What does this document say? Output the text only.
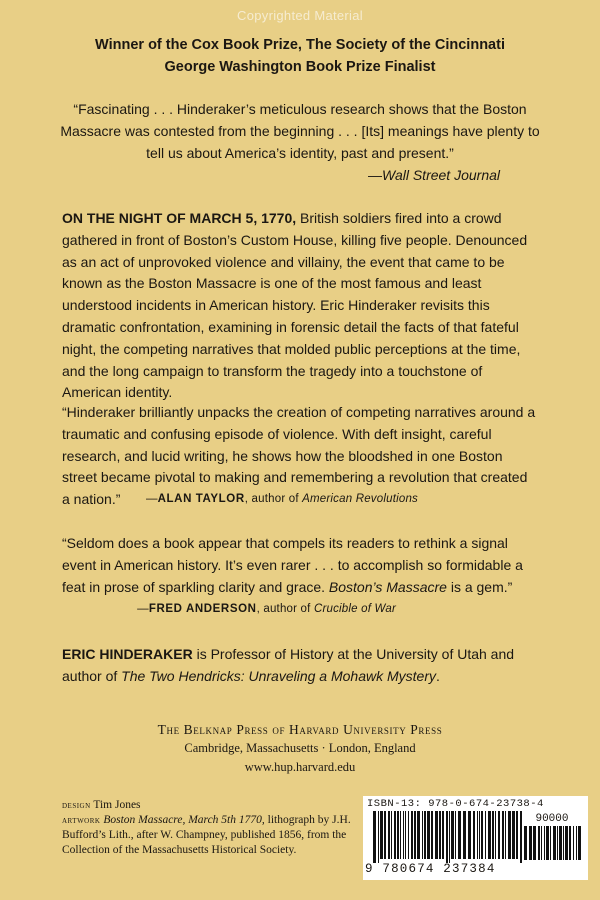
Copyrighted Material
Winner of the Cox Book Prize, The Society of the Cincinnati
George Washington Book Prize Finalist
“Fascinating . . . Hinderaker’s meticulous research shows that the Boston Massacre was contested from the beginning . . . [Its] meanings have plenty to tell us about America’s identity, past and present.”
—Wall Street Journal
ON THE NIGHT OF MARCH 5, 1770, British soldiers fired into a crowd gathered in front of Boston’s Custom House, killing five people. Denounced as an act of unprovoked violence and villainy, the event that came to be known as the Boston Massacre is one of the most famous and least understood incidents in American history. Eric Hinderaker revisits this dramatic confrontation, examining in forensic detail the facts of that fateful night, the competing narratives that molded public perceptions at the time, and the long campaign to transform the tragedy into a touchstone of American identity.
“Hinderaker brilliantly unpacks the creation of competing narratives around a traumatic and confusing episode of violence. With deft insight, careful research, and lucid writing, he shows how the bloodshed in one Boston street became pivotal to making and remembering a revolution that created a nation.”	—ALAN TAYLOR, author of American Revolutions
“Seldom does a book appear that compels its readers to rethink a signal event in American history. It’s even rarer . . . to accomplish so formidable a feat in prose of sparkling clarity and grace. Boston’s Massacre is a gem.”
—FRED ANDERSON, author of Crucible of War
ERIC HINDERAKER is Professor of History at the University of Utah and author of The Two Hendricks: Unraveling a Mohawk Mystery.
The Belknap Press of Harvard University Press
Cambridge, Massachusetts · London, England
www.hup.harvard.edu
design Tim Jones
artwork Boston Massacre, March 5th 1770, lithograph by J.H. Bufford’s Lith., after W. Champney, published 1856, from the Collection of the Massachusetts Historical Society.
ISBN-13: 978-0-674-23738-4
90000
9 780674 237384
